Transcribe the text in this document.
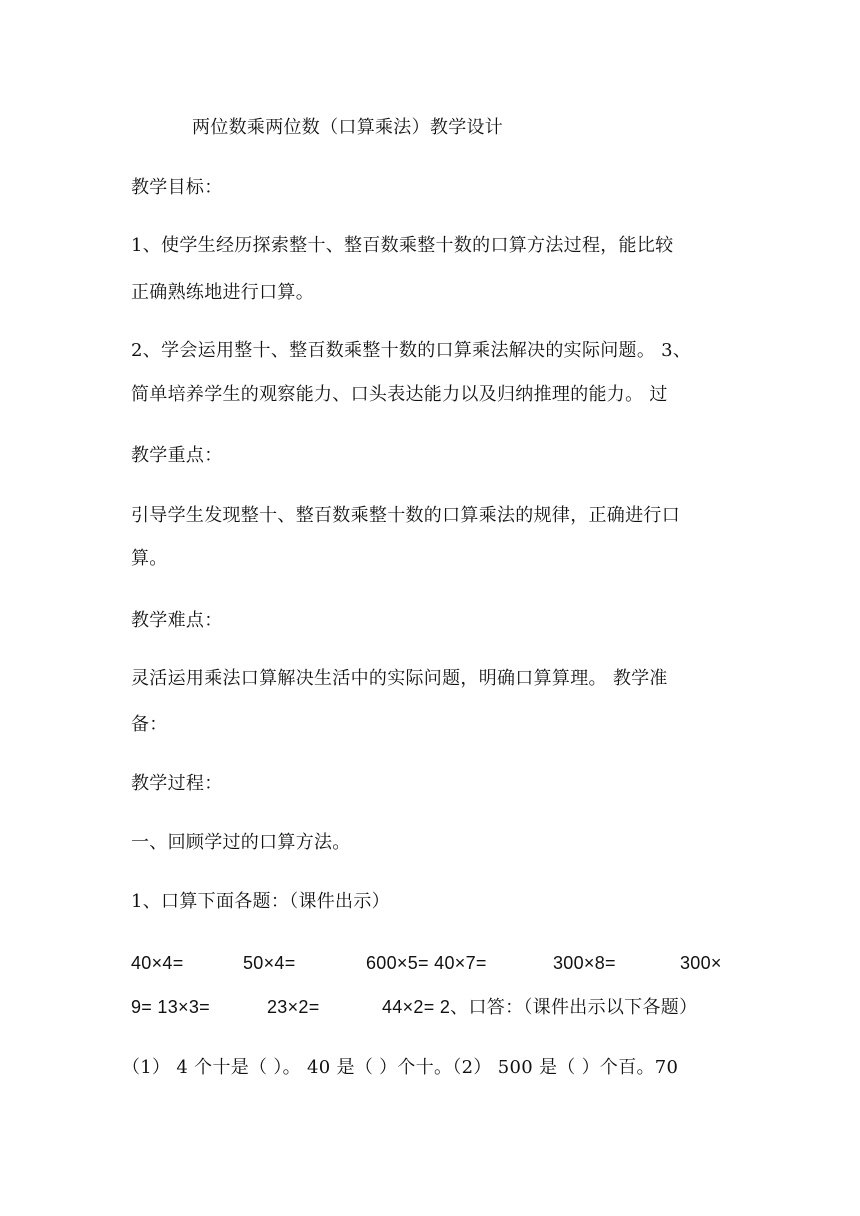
两位数乘两位数（口算乘法）教学设计
教学目标：
1、使学生经历探索整十、整百数乘整十数的口算方法过程，能比较
正确熟练地进行口算。
2、学会运用整十、整百数乘整十数的口算乘法解决的实际问题。 3、
简单培养学生的观察能力、口头表达能力以及归纳推理的能力。 过
教学重点：
引导学生发现整十、整百数乘整十数的口算乘法的规律，正确进行口
算。
教学难点：
灵活运用乘法口算解决生活中的实际问题，明确口算算理。 教学准
备：
教学过程：
一、回顾学过的口算方法。
1、口算下面各题：（课件出示）
40×4=	50×4=	600×5= 40×7=	300×8=	300×
9= 13×3=	23×2=	44×2= 2、口答：（课件出示以下各题）
（1） 4 个十是（ ）。 40 是（ ）个十。（2） 500 是（ ）个百。70
